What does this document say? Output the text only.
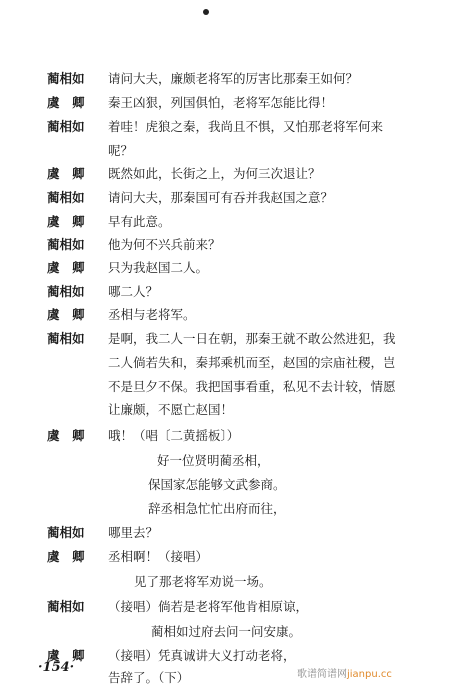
蔺相如	请问大夫，廉颇老将军的厉害比那秦王如何？
虞　卿	秦王凶狠，列国俱怕，老将军怎能比得！
蔺相如	着哇！虎狼之秦，我尚且不惧，又怕那老将军何来
呢？
虞　卿	既然如此，长街之上，为何三次退让？
蔺相如	请问大夫，那秦国可有吞并我赵国之意？
虞　卿	早有此意。
蔺相如	他为何不兴兵前来？
虞　卿	只为我赵国二人。
蔺相如	哪二人？
虞　卿	丞相与老将军。
蔺相如	是啊，我二人一日在朝，那秦王就不敢公然进犯，我
二人倘若失和，秦邦乘机而至，赵国的宗庙社稷，岂
不是旦夕不保。我把国事看重，私见不去计较，情愿
让廉颇，不愿亡赵国！
虞　卿	哦！（唱〔二黄摇板〕）
好一位贤明蔺丞相，
保国家怎能够文武参商。
辞丞相急忙忙出府而往，
蔺相如	哪里去？
虞　卿	丞相啊！（接唱）
见了那老将军劝说一场。
蔺相如	（接唱）倘若是老将军他肯相原谅，
蔺相如过府去问一问安康。
虞　卿	（接唱）凭真诚讲大义打动老将，
告辞了。（下）
·154·	歌谱简谱网jianpu.cc
